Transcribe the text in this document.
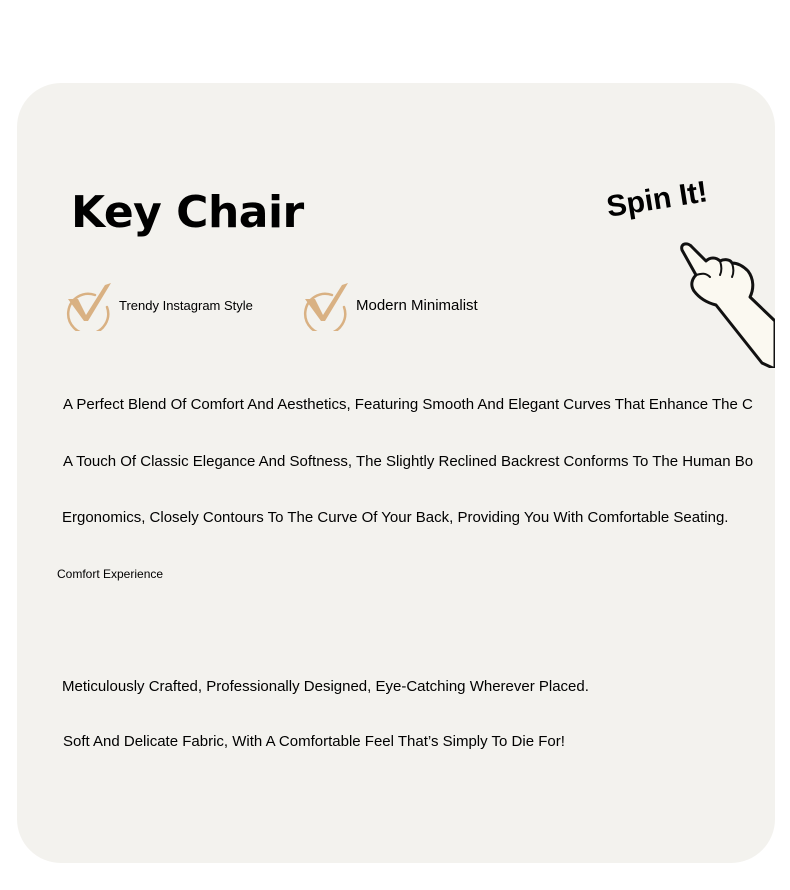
Key Chair
Trendy Instagram Style	Modern Minimalist
Spin It!
A Perfect Blend Of Comfort And Aesthetics, Featuring Smooth And Elegant Curves That Enhance The C
A Touch Of Classic Elegance And Softness, The Slightly Reclined Backrest Conforms To The Human Bo
Ergonomics, Closely Contours To The Curve Of Your Back, Providing You With Comfortable Seating.
Comfort Experience
Meticulously Crafted, Professionally Designed, Eye-Catching Wherever Placed.
Soft And Delicate Fabric, With A Comfortable Feel That’s Simply To Die For!
